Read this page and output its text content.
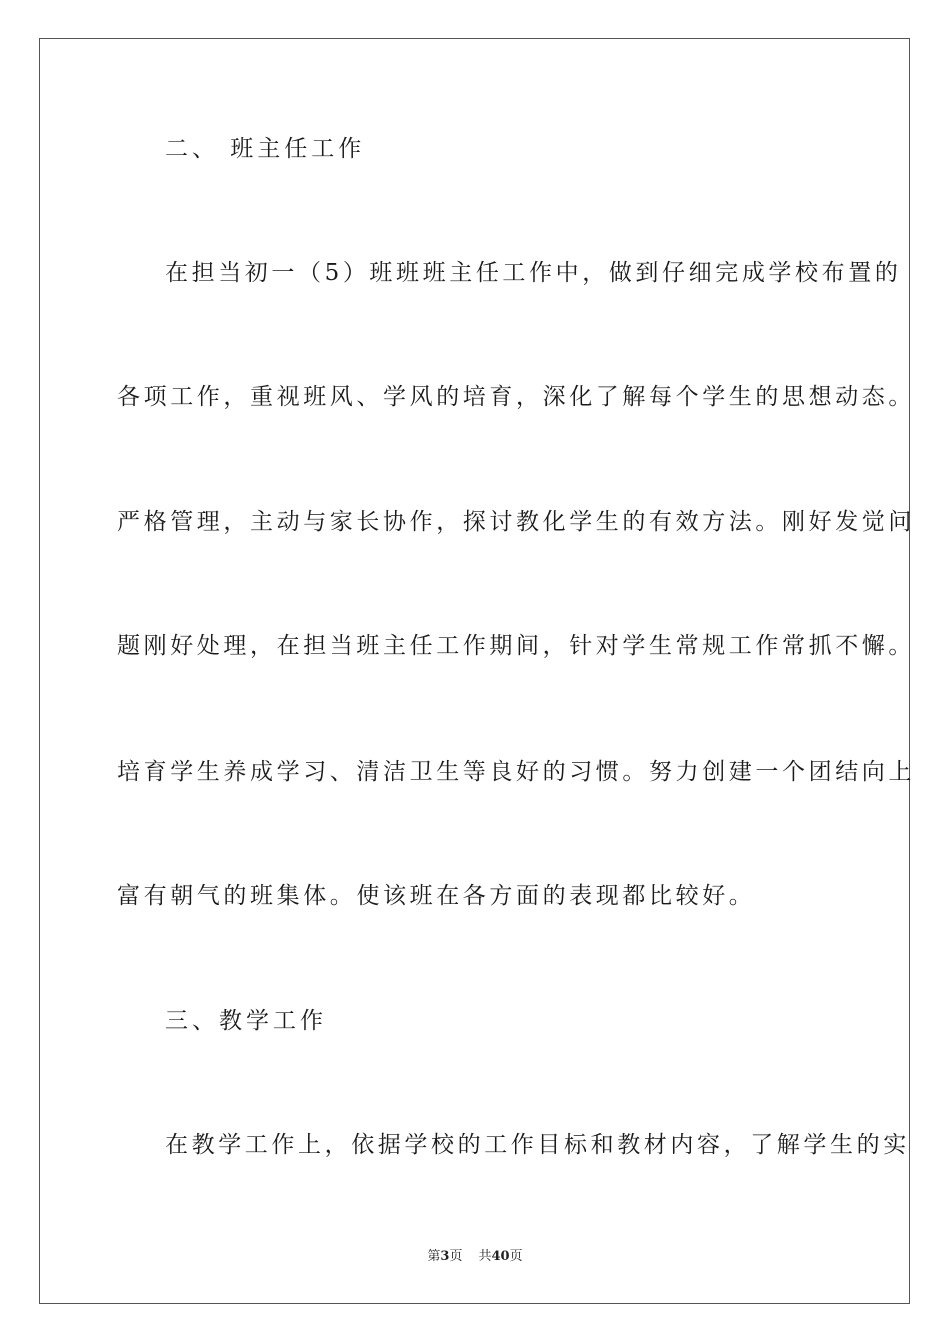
二、 班主任工作
在担当初一（5）班班班主任工作中，做到仔细完成学校布置的
各项工作，重视班风、学风的培育，深化了解每个学生的思想动态。
严格管理，主动与家长协作，探讨教化学生的有效方法。刚好发觉问
题刚好处理，在担当班主任工作期间，针对学生常规工作常抓不懈。
培育学生养成学习、清洁卫生等良好的习惯。努力创建一个团结向上
富有朝气的班集体。使该班在各方面的表现都比较好。
三、教学工作
在教学工作上，依据学校的工作目标和教材内容，了解学生的实
第3页 共40页
